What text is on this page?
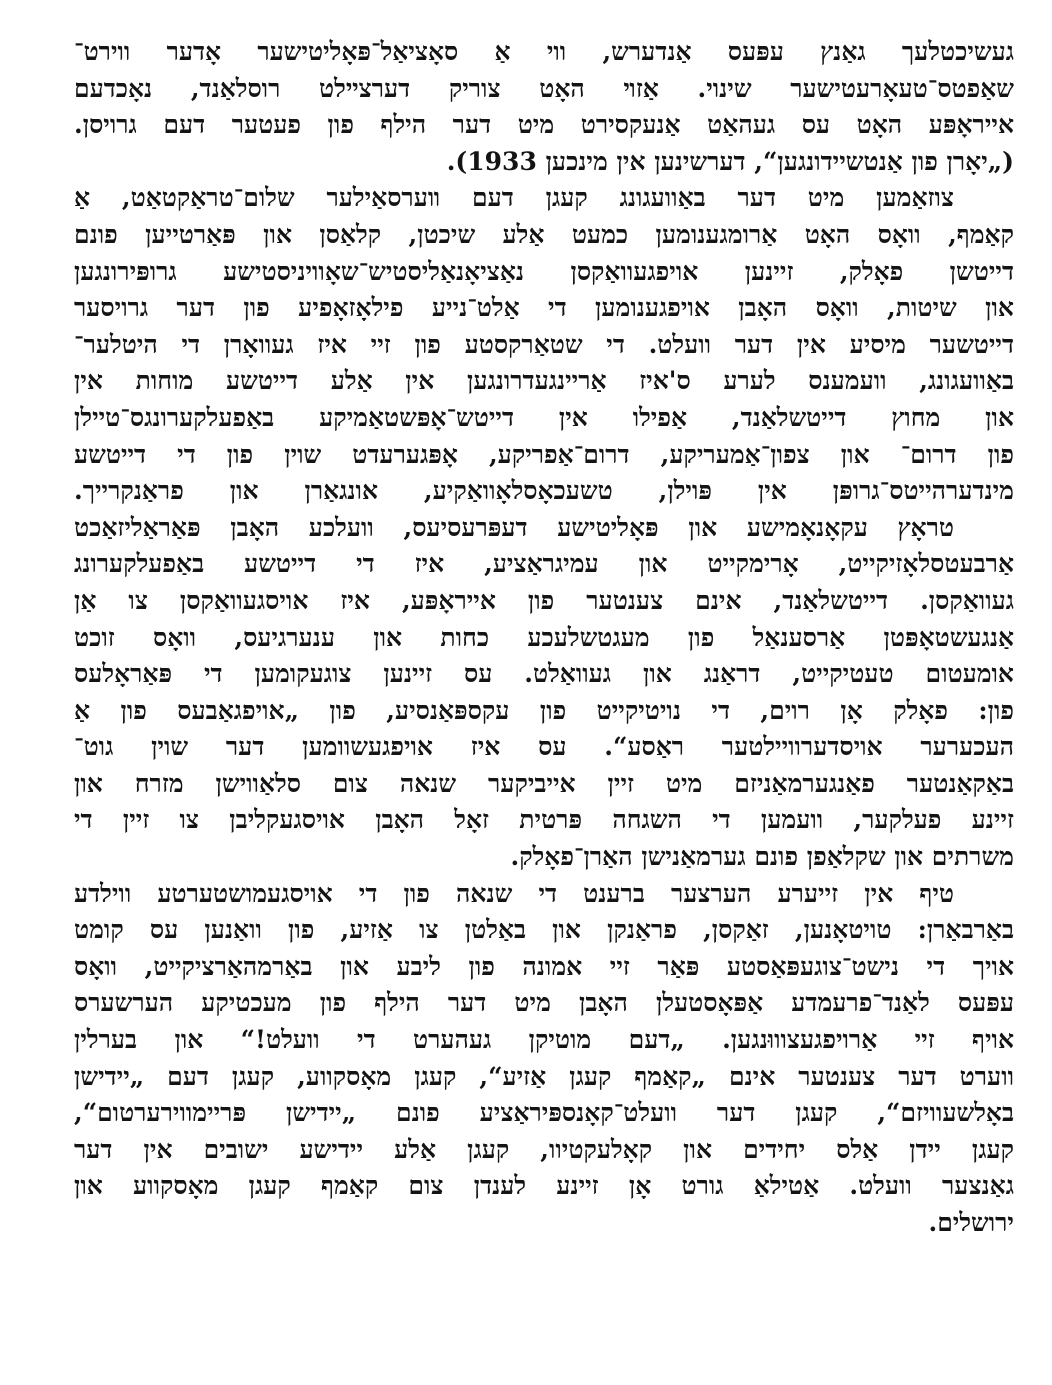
געשיכטלעך גאַנץ עפּעס אַנדערש, ווי אַ סאָציאַל־פּאָליטישער אָדער ווירט־
שאַפטס־טעאָרעטישער שינוי. אַזױ האָט צוריק דערצײלט רוסלאַנד, נאָכדעם
אייראָפּע האָט עס געהאַט אַנעקסירט מיט דער הילף פון פעטער דעם גרויסן.
(„יאָרן פון אַנטשיידונגען“, דערשינען אין מינכען 1933).
צוזאַמען מיט דער באַוועגונג קעגן דעם װערסאַילער שלום־טראַקטאַט, אַ
קאַמף, וואָס האָט אַרומגענומען כמעט אַלע שיכטן, קלאַסן און פּאַרטייען פונם
דייטשן פאָלק, זיינען אויפגעוואַקסן נאַציאָנאַליסטיש־שאָוויניסטישע גרופּירונגען
און שיטות, וואָס האָבן אויפגענומען די אַלט־נייע פילאָזאָפיע פון דער גרויסער
דייטשער מיסיע אין דער וועלט. די שטאַרקסטע פון זיי איז געוואָרן די היטלער־
באַוועגונג, וועמענס לערע ס'איז אַריינגעדרונגען אין אַלע דייטשע מוחות אין
און מחוץ דייטשלאַנד, אַפילו אין דייטש־אָפּשטאַמיקע באַפעלקערונגס־טיילן
פון דרום־ און צפון־אַמעריקע, דרום־אַפריקע, אָפּגערעדט שוין פון די דייטשע
מינדערהייטס־גרופּן אין פּוילן, טשעכאָסלאָוואַקיע, אונגאַרן און פראַנקרייך.
טראָץ עקאָנאָמישע און פּאָליטישע דעפּרעסיעס, וועלכע האָבן פּאַראַליזאַכט
אַרבעטסלאָזיקייט, אָרימקייט און עמיגראַציע, איז די דייטשע באַפעלקערונג
געוואַקסן. דייטשלאַנד, אינם צענטער פון אייראָפּע, איז אויסגעוואַקסן צו אַן
אַנגעשטאָפּטן אַרסענאַל פון מעגטשלעכע כחות און ענערגיעס, וואָס זוכט
אומעטום טעטיקייט, דראַנג און געוואַלט. עס זיינען צוגעקומען די פּאַראָלעס
פון: פאָלק אָן רוים, די נויטיקייט פון עקספּאַנסיע, פון „אויפגאַבעס פון אַ
העכערער אויסדערוויילטער ראַסע“. עס איז אויפגעשוומען דער שוין גוט־
באַקאַנטער פאַנגערמאַניזם מיט זיין אייביקער שנאה צום סלאַווישן מזרח און
זיינע פעלקער, וועמען די השגחה פּרטית זאָל האָבן אויסגעקליבן צו זיין די
משרתים און שקלאַפן פונם גערמאַנישן האַרן־פאָלק.
טיף אין זייערע הערצער ברענט די שנאה פון די אויסגעמושטערטע ווילדע
באַרבאַרן: טויטאָנען, זאַקסן, פראַנקן און באַלטן צו אַזיע, פון וואַנען עס קומט
אויך די נישט־צוגעפּאַסטע פּאַר זיי אמונה פון ליבע און באַרמהאַרציקייט, וואָס
עפּעס לאַנד־פרעמדע אַפּאָסטעלן האָבן מיט דער הילף פון מעכטיקע הערשערס
אויף זיי אַרויפגעצוווּנגען. „דעם מוטיקן געהערט די וועלט!“ און בערלין
ווערט דער צענטער אינם „קאַמף קעגן אַזיע“, קעגן מאָסקווע, קעגן דעם „יידישן
באָלשעוויזם“, קעגן דער וועלט־קאָנספּיראַציע פונם „יידישן פּריימווירערטום“,
קעגן יידן אַלס יחידים און קאָלעקטיוו, קעגן אַלע יידישע ישובים אין דער
גאַנצער וועלט. אַטילאַ גורט אָן זיינע לענדן צום קאַמף קעגן מאָסקווע און
ירושלים.
